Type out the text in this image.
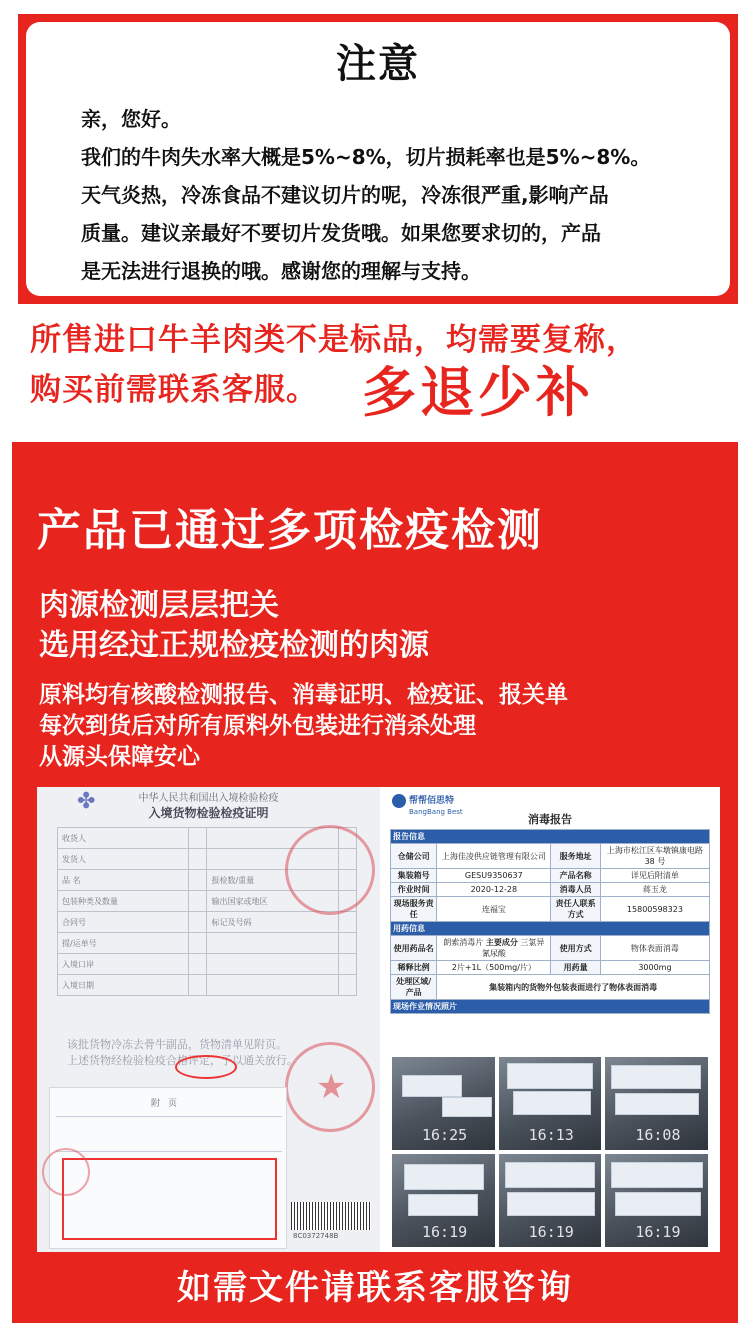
注意

亲，您好。

我们的牛肉失水率大概是5%~8%，切片损耗率也是5%~8%。

天气炎热，冷冻食品不建议切片的呢，冷冻很严重,影响产品

质量。建议亲最好不要切片发货哦。如果您要求切的，产品

是无法进行退换的哦。感谢您的理解与支持。

所售进口牛羊肉类不是标品，均需要复称，
购买前需联系客服。 多退少补
产品已通过多项检疫检测
肉源检测层层把关
选用经过正规检疫检测的肉源

原料均有核酸检测报告、消毒证明、检疫证、报关单

每次到货后对所有原料外包装进行消杀处理

从源头保障安心

✤	中华人民共和国出入境检验检疫
入境货物检验检疫证明
收货人			
发货人			
品 名		报检数/重量	
包装种类及数量		输出国家或地区	
合同号		标记及号码	
提/运单号			
入境口岸			
入境日期			
该批货物冷冻去骨牛副品，货物清单见附页。
上述货物经检验检疫合格评定，予以通关放行。
★
附页
8C0372748B
帮帮佰思特
BangBang Best
消毒报告
报告信息			
仓储公司	上海佳凌供应链管理有限公司	服务地址	上海市松江区车墩镇康电路 38 号
集装箱号	GESU9350637	产品名称	详见后附清单
作业时间	2020-12-28	消毒人员	蒋玉龙
现场服务责任	连福宝	责任人联系方式	15800598323
用药信息			
使用药品名	朗索消毒片 主要成分 三氯异氰尿酸	使用方式	物体表面消毒
稀释比例	2片+1L（500mg/片）	用药量	3000mg
处理区域/产品	集装箱内的货物外包装表面进行了物体表面消毒		
现场作业情况照片			
16:25	16:13	16:08
16:19	16:19	16:19
如需文件请联系客服咨询
